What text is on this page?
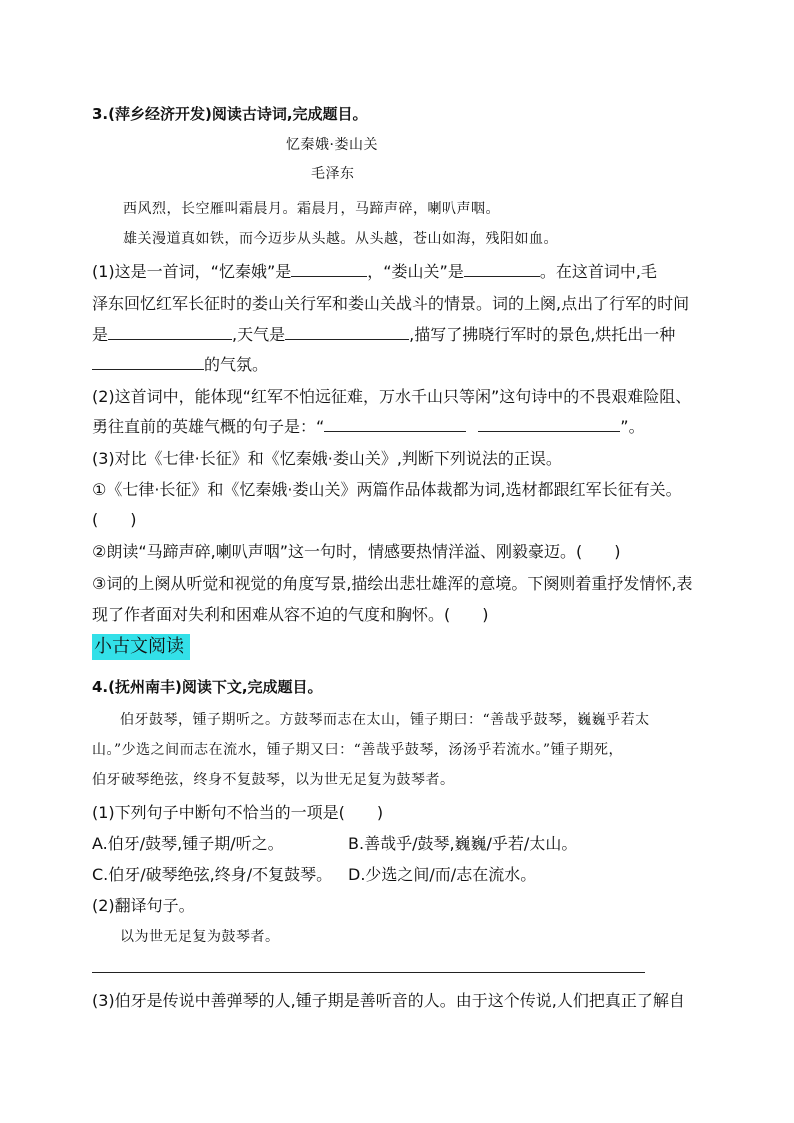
3.(萍乡经济开发)阅读古诗词,完成题目。
忆秦娥·娄山关
毛泽东
西风烈，长空雁叫霜晨月。霜晨月，马蹄声碎，喇叭声咽。
雄关漫道真如铁，而今迈步从头越。从头越，苍山如海，残阳如血。
(1)这是一首词，“忆秦娥”是	，“娄山关”是	。在这首词中,毛
泽东回忆红军长征时的娄山关行军和娄山关战斗的情景。词的上阕,点出了行军的时间
是	,天气是	,描写了拂晓行军时的景色,烘托出一种
的气氛。
(2)这首词中，能体现“红军不怕远征难，万水千山只等闲”这句诗中的不畏艰难险阻、
勇往直前的英雄气概的句子是：“	”。
(3)对比《七律·长征》和《忆秦娥·娄山关》,判断下列说法的正误。
①《七律·长征》和《忆秦娥·娄山关》两篇作品体裁都为词,选材都跟红军长征有关。
(　　)
②朗读“马蹄声碎,喇叭声咽”这一句时，情感要热情洋溢、刚毅豪迈。(　　)
③词的上阕从听觉和视觉的角度写景,描绘出悲壮雄浑的意境。下阕则着重抒发情怀,表
现了作者面对失利和困难从容不迫的气度和胸怀。(　　)
小古文阅读
4.(抚州南丰)阅读下文,完成题目。
伯牙鼓琴，锺子期听之。方鼓琴而志在太山，锺子期曰：“善哉乎鼓琴，巍巍乎若太
山。”少选之间而志在流水，锺子期又曰：“善哉乎鼓琴，汤汤乎若流水。”锺子期死，
伯牙破琴绝弦，终身不复鼓琴，以为世无足复为鼓琴者。
(1)下列句子中断句不恰当的一项是(　　)
A.伯牙/鼓琴,锺子期/听之。	B.善哉乎/鼓琴,巍巍/乎若/太山。
C.伯牙/破琴绝弦,终身/不复鼓琴。 D.少选之间/而/志在流水。
(2)翻译句子。
以为世无足复为鼓琴者。
(3)伯牙是传说中善弹琴的人,锺子期是善听音的人。由于这个传说,人们把真正了解自
